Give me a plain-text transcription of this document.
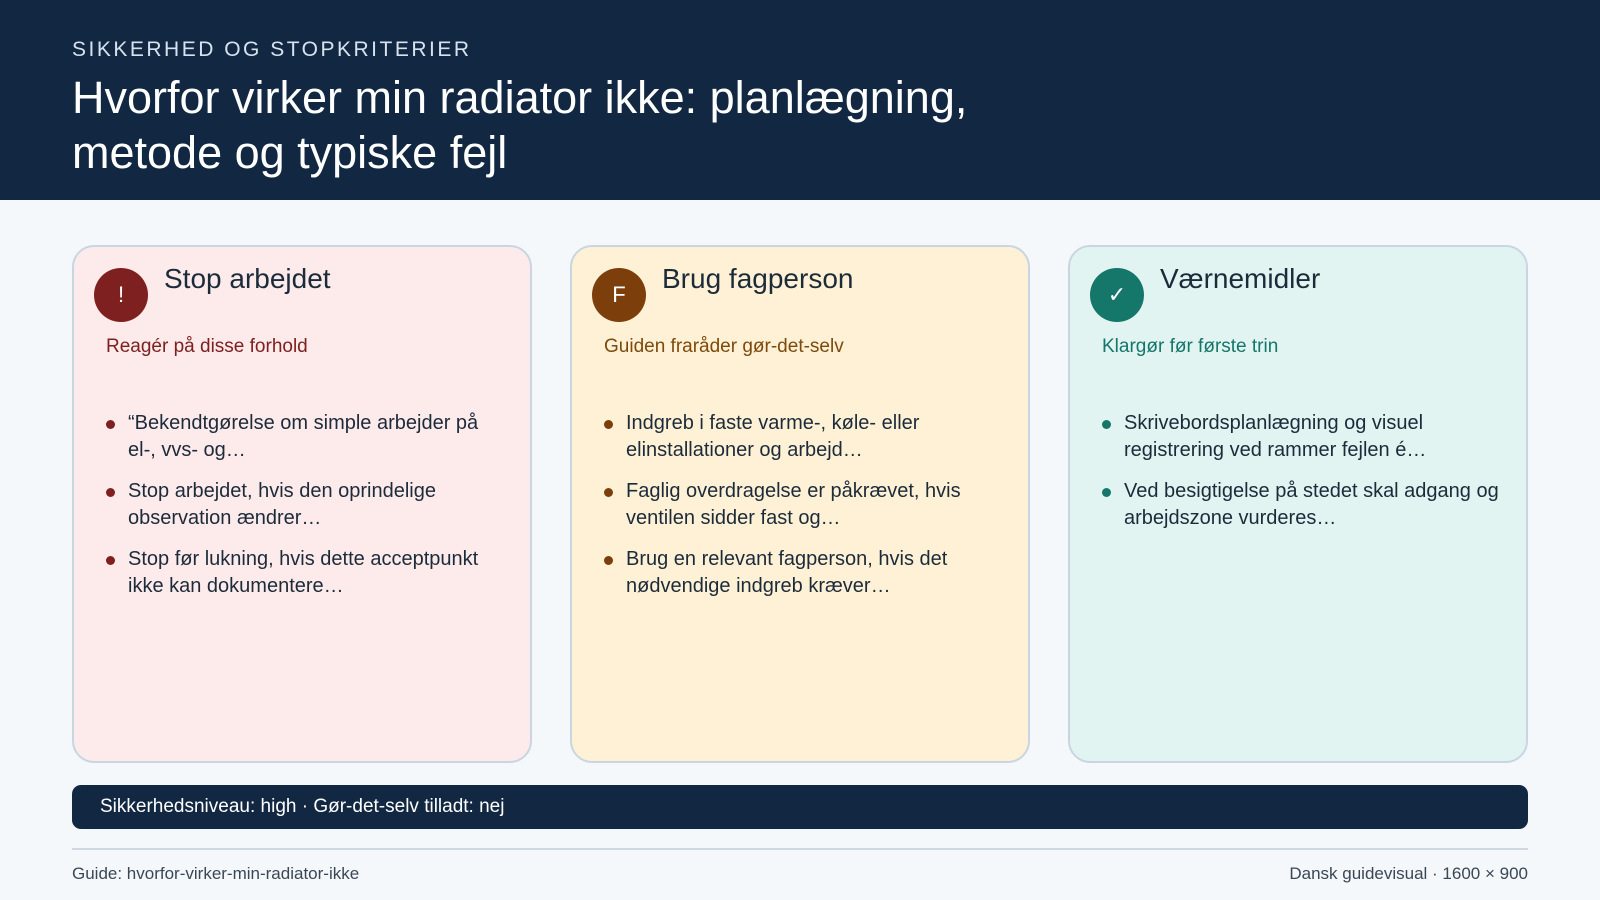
SIKKERHED OG STOPKRITERIER
Hvorfor virker min radiator ikke: planlægning, metode og typiske fejl
!
Stop arbejdet
Reagér på disse forhold
“Bekendtgørelse om simple arbejder på el-, vvs- og…
Stop arbejdet, hvis den oprindelige observation ændrer…
Stop før lukning, hvis dette acceptpunkt ikke kan dokumentere…
F
Brug fagperson
Guiden fraråder gør-det-selv
Indgreb i faste varme-, køle- eller elinstallationer og arbejd…
Faglig overdragelse er påkrævet, hvis ventilen sidder fast og…
Brug en relevant fagperson, hvis det nødvendige indgreb kræver…
✓
Værnemidler
Klargør før første trin
Skrivebordsplanlægning og visuel registrering ved rammer fejlen é…
Ved besigtigelse på stedet skal adgang og arbejdszone vurderes…
Sikkerhedsniveau: high · Gør-det-selv tilladt: nej
Guide: hvorfor-virker-min-radiator-ikke	Dansk guidevisual · 1600 × 900
